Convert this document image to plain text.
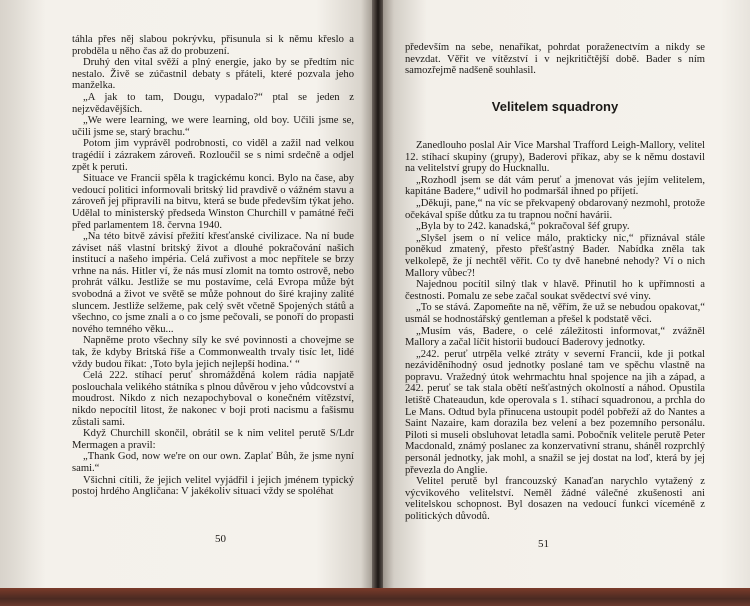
táhla přes něj slabou pokrývku, přisunula si k němu křeslo a probděla u něho čas až do probuzení.

Druhý den vital svěží a plný energie, jako by se předtím nic nestalo. Živě se zúčastnil debaty s přáteli, které pozvala jeho manželka.

„A jak to tam, Dougu, vypadalo?“ ptal se jeden z nejzvědavějších.

„We were learning, we were learning, old boy. Učili jsme se, učili jsme se, starý brachu.“

Potom jim vyprávěl podrobnosti, co viděl a zažil nad velkou tragédií i zázrakem zároveň. Rozloučil se s nimi srdečně a odjel zpět k peruti.

Situace ve Francii spěla k tragickému konci. Bylo na čase, aby vedoucí politici informovali britský lid pravdivě o vážném stavu a zároveň jej připravili na bitvu, která se bude především týkat jeho. Udělal to ministerský předseda Winston Churchill v památné řeči před parlamentem 18. června 1940.

„Na této bitvě závisí přežití křesťanské civilizace. Na ní bude záviset náš vlastní britský život a dlouhé pokračování našich institucí a našeho impéria. Celá zuřivost a moc nepřítele se brzy vrhne na nás. Hitler ví, že nás musí zlomit na tomto ostrově, nebo prohrát válku. Jestliže se mu postavíme, celá Evropa může být svobodná a život ve světě se může pohnout do širé krajiny zalité sluncem. Jestliže selžeme, pak celý svět včetně Spojených států a všechno, co jsme znali a o co jsme pečovali, se ponoří do propasti nového temného věku...

Napněme proto všechny síly ke své povinnosti a chovejme se tak, že kdyby Britská říše a Commonwealth trvaly tisíc let, lidé vždy budou říkat: ‚Toto byla jejich nejlepší hodina.‘ “

Celá 222. stíhací peruť shromážděná kolem rádia napjatě poslouchala velikého státníka s plnou důvěrou v jeho vůdcovství a moudrost. Nikdo z nich nezapochyboval o konečném vítězství, nikdo nepocítil litost, že nakonec v boji proti nacismu a fašismu zůstali sami.

Když Churchill skončil, obrátil se k nim velitel perutě S/Ldr Mermagen a pravil:

„Thank God, now we're on our own. Zaplať Bůh, že jsme nyní sami.“

Všichni cítili, že jejich velitel vyjádřil i jejich jménem typický postoj hrdého Angličana: V jakékoliv situaci vždy se spoléhat

50

především na sebe, nenaříkat, pohrdat poraženectvím a nikdy se nevzdat. Věřit ve vítězství i v nejkritičtější době. Bader s ním samozřejmě nadšeně souhlasil.

Velitelem squadrony

Zanedlouho poslal Air Vice Marshal Trafford Leigh-Mallory, velitel 12. stíhací skupiny (grupy), Baderovi příkaz, aby se k němu dostavil na velitelství grupy do Hucknallu.

„Rozhodl jsem se dát vám peruť a jmenovat vás jejím velitelem, kapitáne Badere,“ udivil ho podmaršál ihned po příjetí.

„Děkuji, pane,“ na víc se překvapený obdarovaný nezmohl, protože očekával spíše důtku za tu trapnou noční havárii.

„Byla by to 242. kanadská,“ pokračoval šéf grupy.

„Slyšel jsem o ní velice málo, prakticky nic,“ přiznával stále poněkud zmatený, přesto přešťastný Bader. Nabídka zněla tak velkolepě, že jí nechtěl věřit. Co ty dvě hanebné nehody? Ví o nich Mallory vůbec?!

Najednou pocítil silný tlak v hlavě. Přinutil ho k upřímnosti a čestnosti. Pomalu ze sebe začal soukat svědectví své viny.

„To se stává. Zapomeňte na ně, věřím, že už se nebudou opakovat,“ usmál se hodnostářský gentleman a přešel k podstatě věci.

„Musím vás, Badere, o celé záležitosti informovat,“ zvážněl Mallory a začal líčit historii budoucí Baderovy jednotky.

„242. peruť utrpěla velké ztráty v severní Francii, kde ji potkal nezáviděníhodný osud jednotky poslané tam ve spěchu vlastně na popravu. Vražedný útok wehrmachtu hnal spojence na jih a západ, a 242. peruť se tak stala obětí nešťastných okolností a náhod. Opustila letiště Chateaudun, kde operovala s 1. stíhací squadronou, a prchla do Le Mans. Odtud byla přinucena ustoupit podél pobřeží až do Nantes a Saint Nazaire, kam dorazila bez velení a bez pozemního personálu. Piloti si museli obsluhovat letadla sami. Pobočník velitele perutě Peter Macdonald, známý poslanec za konzervativní stranu, sháněl rozprchlý personál jednotky, jak mohl, a snažil se jej dostat na loď, která by jej převezla do Anglie.

Velitel perutě byl francouzský Kanaďan narychlo vytažený z výcvikového velitelství. Neměl žádné válečné zkušenosti ani velitelskou schopnost. Byl dosazen na vedoucí funkci víceméně z politických důvodů.

51
